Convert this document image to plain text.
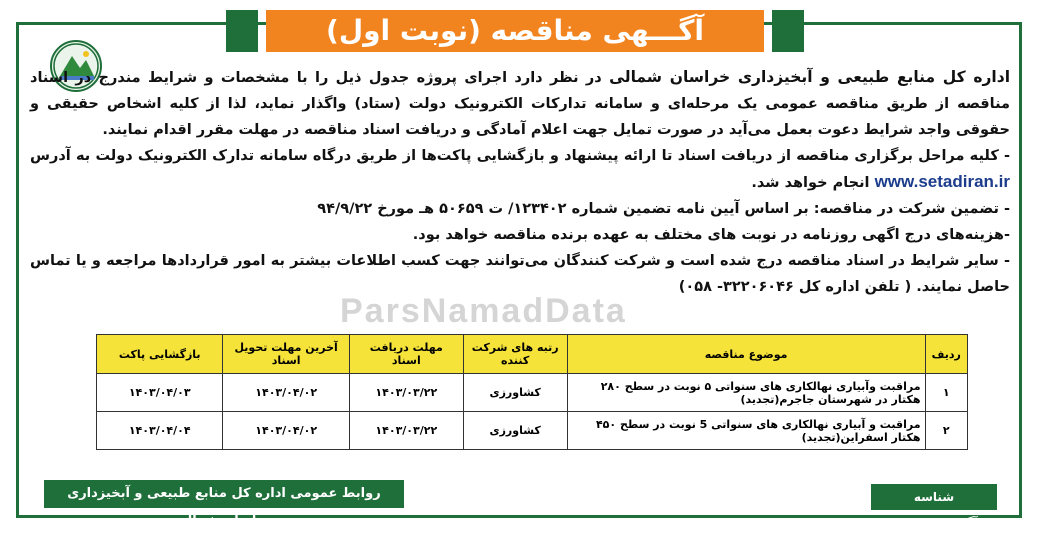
آگـــهی مناقصه (نوبت اول)

اداره کل منابع طبیعی و آبخیزداری خراسان شمالی در نظر دارد اجرای پروژه جدول ذیل را با مشخصات و شرایط مندرج در اسناد مناقصه از طریق مناقصه عمومی یک مرحله‌ای و سامانه تدارکات الکترونیک دولت (ستاد) واگذار نماید، لذا از کلیه اشخاص حقیقی و حقوقی واجد شرایط دعوت بعمل می‌آید در صورت تمایل جهت اعلام آمادگی و دریافت اسناد مناقصه در مهلت مقرر اقدام نمایند.

- کلیه مراحل برگزاری مناقصه از دریافت اسناد تا ارائه پیشنهاد و بازگشایی پاکت‌ها از طریق درگاه سامانه تدارک الکترونیک دولت به آدرس www.setadiran.ir انجام خواهد شد.

- تضمین شرکت در مناقصه: بر اساس آیین نامه تضمین شماره ۱۲۳۴۰۲/ ت ۵۰۶۵۹ هـ مورخ ۹۴/۹/۲۲

-هزینه‌های درج اگهی روزنامه در نوبت های مختلف به عهده برنده مناقصه خواهد بود.

- سایر شرایط در اسناد مناقصه درج شده است و شرکت کنندگان می‌توانند جهت کسب اطلاعات بیشتر به امور قراردادها مراجعه و یا تماس حاصل نمایند. ( تلفن اداره کل ۳۲۲۰۶۰۴۶- ۰۵۸)

ParsNamadData
ردیف	موضوع مناقصه	رتبه های شرکت کننده	مهلت دریافت اسناد	آخرین مهلت تحویل اسناد	بازگشایی پاکت
۱	مراقبت وآبیاری نهالکاری های سنواتی ۵ نوبت در سطح ۲۸۰ هکتار در شهرستان جاجرم(تجدید)	کشاورزی	۱۴۰۳/۰۳/۲۲	۱۴۰۳/۰۴/۰۲	۱۴۰۳/۰۴/۰۳
۲	مراقبت و آبیاری نهالکاری های سنواتی 5 نوبت در سطح ۴۵۰ هکتار اسفراین(تجدید)	کشاورزی	۱۴۰۳/۰۳/۲۲	۱۴۰۳/۰۴/۰۲	۱۴۰۳/۰۴/۰۴
روابط عمومی اداره کل منابع طبیعی و آبخیزداری خراسان شمالی
شناسه آگهی:۱۷۲۸۳۰۶
